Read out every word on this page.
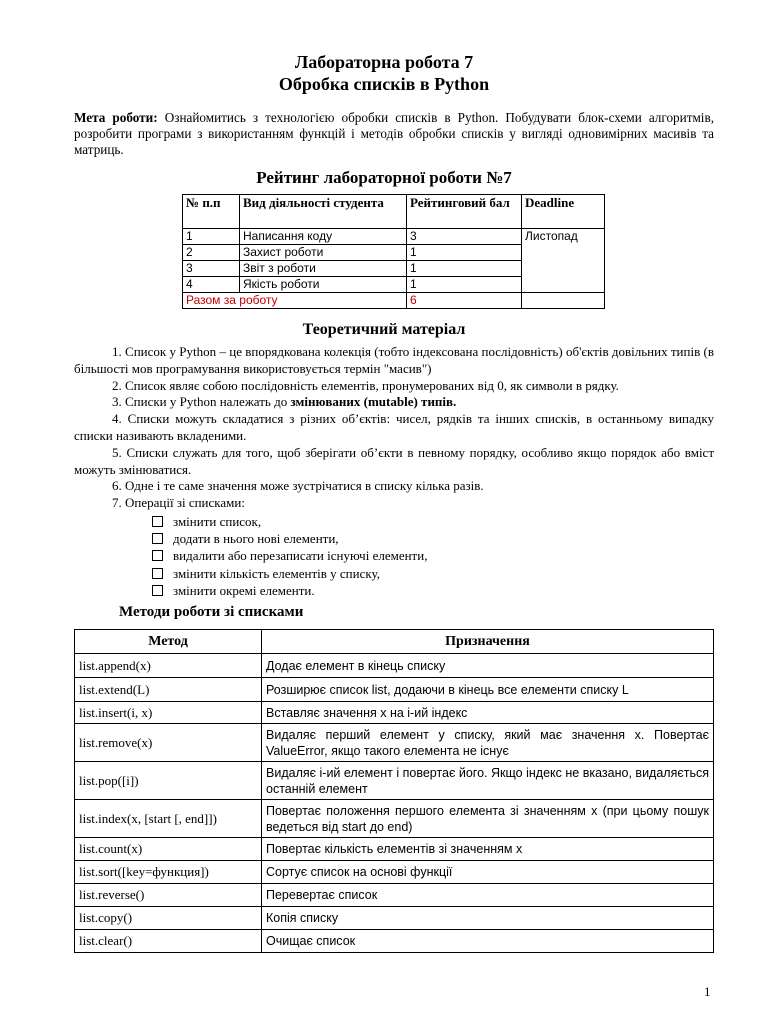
Лабораторна робота 7
Обробка списків в Python

Мета роботи: Ознайомитись з технологією обробки списків в Python. Побудувати блок-схеми алгоритмів, розробити програми з використанням функцій і методів обробки списків у вигляді одновимірних масивів та матриць.

Рейтинг лабораторної роботи №7
№ п.п	Вид діяльності студента	Рейтинговий бал	Deadline
1	Написання коду	3	Листопад
2	Захист роботи	1	
3	Звіт з роботи	1	
4	Якість роботи	1	
Разом за роботу		6	
Теоретичний матеріал

1. Список у Python – це впорядкована колекція (тобто індексована послідовність) об'єктів довільних типів (в більшості мов програмування використовується термін "масив")

2. Список являє собою послідовність елементів, пронумерованих від 0, як символи в рядку.

3. Списки у Python належать до змінюваних (mutable) типів.

4. Списки можуть складатися з різних об’єктів: чисел, рядків та інших списків, в останньому випадку списки називають вкладеними.

5. Списки служать для того, щоб зберігати об’єкти в певному порядку, особливо якщо порядок або вміст можуть змінюватися.

6. Одне і те саме значення може зустрічатися в списку кілька разів.

7. Операції зі списками:

змінити список,
додати в нього нові елементи,
видалити або перезаписати існуючі елементи,
змінити кількість елементів у списку,
змінити окремі елементи.
Методи роботи зі списками
Метод	Призначення
list.append(x)	Додає елемент в кінець списку
list.extend(L)	Розширює список list, додаючи в кінець все елементи списку L
list.insert(i, x)	Вставляє значення x на i-ий індекс
list.remove(x)	Видаляє перший елемент у списку, який має значення x. Повертає ValueError, якщо такого елемента не існує
list.pop([i])	Видаляє i-ий елемент і повертає його. Якщо індекс не вказано, видаляється останній елемент
list.index(x, [start [, end]])	Повертає положення першого елемента зі значенням x (при цьому пошук ведеться від start до end)
list.count(x)	Повертає кількість елементів зі значенням x
list.sort([key=функция])	Сортує список на основі функції
list.reverse()	Перевертає список
list.copy()	Копія списку
list.clear()	Очищає список
1
